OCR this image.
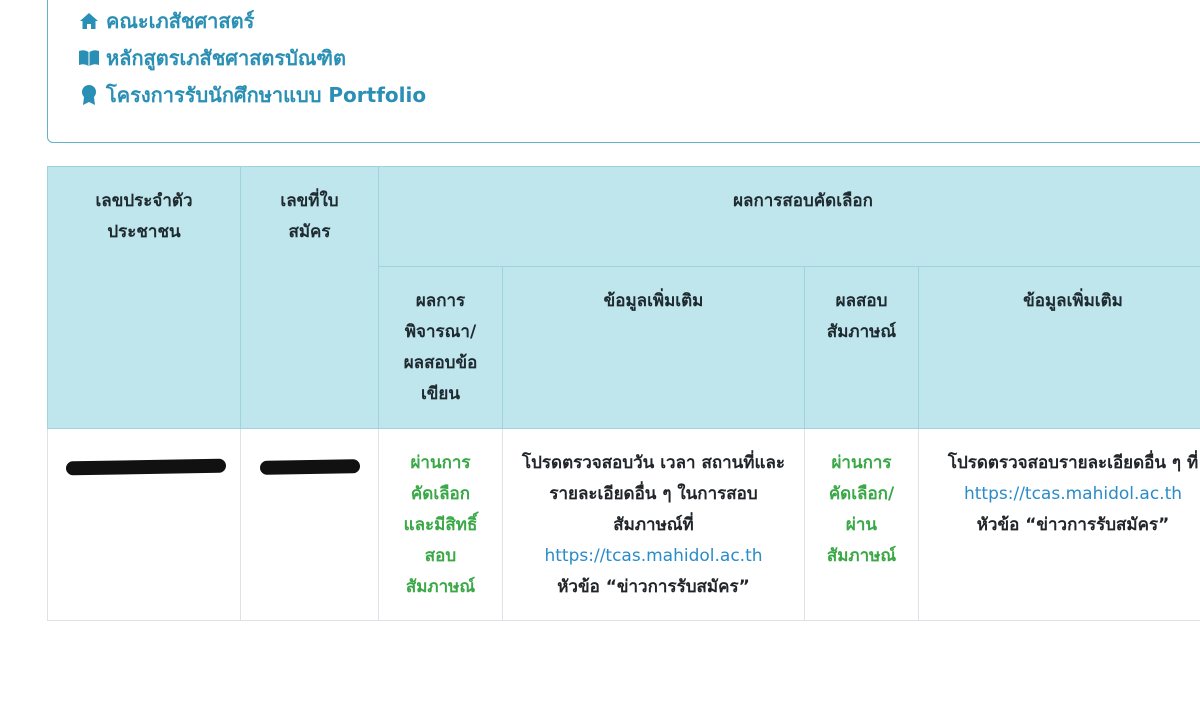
คณะเภสัชศาสตร์
หลักสูตรเภสัชศาสตรบัณฑิต
โครงการรับนักศึกษาแบบ Portfolio
เลขประจำตัวประชาชน	เลขที่ใบสมัคร	ผลการสอบคัดเลือก			

		ผลการพิจารณา/ผลสอบข้อเขียน	ข้อมูลเพิ่มเติม	ผลสอบสัมภาษณ์	ข้อมูลเพิ่มเติม

		ผ่านการคัดเลือกและมีสิทธิ์สอบสัมภาษณ์	โปรดตรวจสอบวัน เวลา สถานที่และรายละเอียดอื่น ๆ ในการสอบสัมภาษณ์ที่
https://tcas.mahidol.ac.th
หัวข้อ “ข่าวการรับสมัคร”	ผ่านการคัดเลือก/ผ่านสัมภาษณ์	โปรดตรวจสอบรายละเอียดอื่น ๆ ที่
https://tcas.mahidol.ac.th
หัวข้อ “ข่าวการรับสมัคร”
